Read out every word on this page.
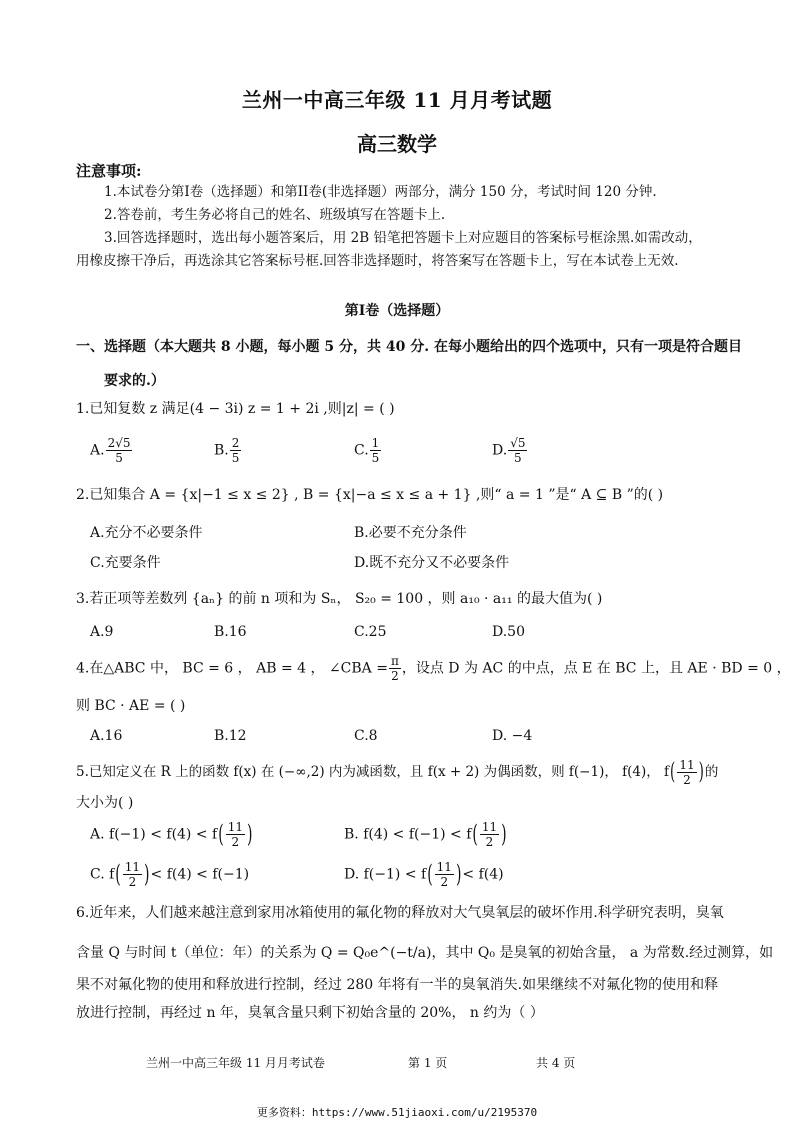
兰州一中高三年级 11 月月考试题
高三数学
注意事项:
1.本试卷分第I卷（选择题）和第II卷(非选择题）两部分，满分 150 分，考试时间 120 分钟.
2.答卷前，考生务必将自己的姓名、班级填写在答题卡上.
3.回答选择题时，选出每小题答案后，用 2B 铅笔把答题卡上对应题目的答案标号框涂黑.如需改动，
用橡皮擦干净后，再选涂其它答案标号框.回答非选择题时，将答案写在答题卡上，写在本试卷上无效.
第I卷（选择题）
一、选择题（本大题共 8 小题，每小题 5 分，共 40 分. 在每小题给出的四个选项中，只有一项是符合题目
要求的.）
1.已知复数 z 满足(4 − 3i) z = 1 + 2i ,则|z| = ( )
A. $\frac{2√5}{5}$	B. $\frac{2}{5}$	C. $\frac{1}{5}$	D. $\frac{√5}{5}$
2.已知集合 A = {x|−1 ≤ x ≤ 2} , B = {x|−a ≤ x ≤ a + 1} ,则“ a = 1 ”是“ A ⊆ B ”的( )
A.充分不必要条件	B.必要不充分条件
C.充要条件	D.既不充分又不必要条件
3.若正项等差数列 {aₙ} 的前 n 项和为 Sₙ， S₂₀ = 100 ，则 a₁₀ · a₁₁ 的最大值为( )
A.9	B.16	C.25	D.50
4.在△ABC 中， BC = 6 ， AB = 4 ， ∠CBA = $\frac{\pi}{2}$ ，设点 D 为 AC 的中点，点 E 在 BC 上，且 AE · BD = 0 ，
则 BC · AE = ( )
A.16	B.12	C.8	D. −4
5.已知定义在 R 上的函数 f(x) 在 (−∞,2) 内为减函数，且 f(x + 2) 为偶函数，则 f(−1)， f(4)， $f( \frac{11}{2}$ )的
大小为( )
A. $f(-1) < f(4) < f( \frac{11}{2}$ )	B. $f(4) < f(-1) < f( \frac{11}{2}$ )
C. $f( \frac{11}{2}$ )< f(4) < f(−1)	D. $f(-1) < f( \frac{11}{2}$ )< f(4)
6.近年来，人们越来越注意到家用冰箱使用的氟化物的释放对大气臭氧层的破坏作用.科学研究表明，臭氧
含量 Q 与时间 t（单位：年）的关系为 Q = Q₀e^(−t/a)，其中 Q₀ 是臭氧的初始含量， a 为常数.经过测算，如
果不对氟化物的使用和释放进行控制，经过 280 年将有一半的臭氧消失.如果继续不对氟化物的使用和释
放进行控制，再经过 n 年，臭氧含量只剩下初始含量的 20%， n 约为（ ）
兰州一中高三年级 11 月月考试卷	第 1 页	共 4 页
更多资料：https://www.51jiaoxi.com/u/2195370
